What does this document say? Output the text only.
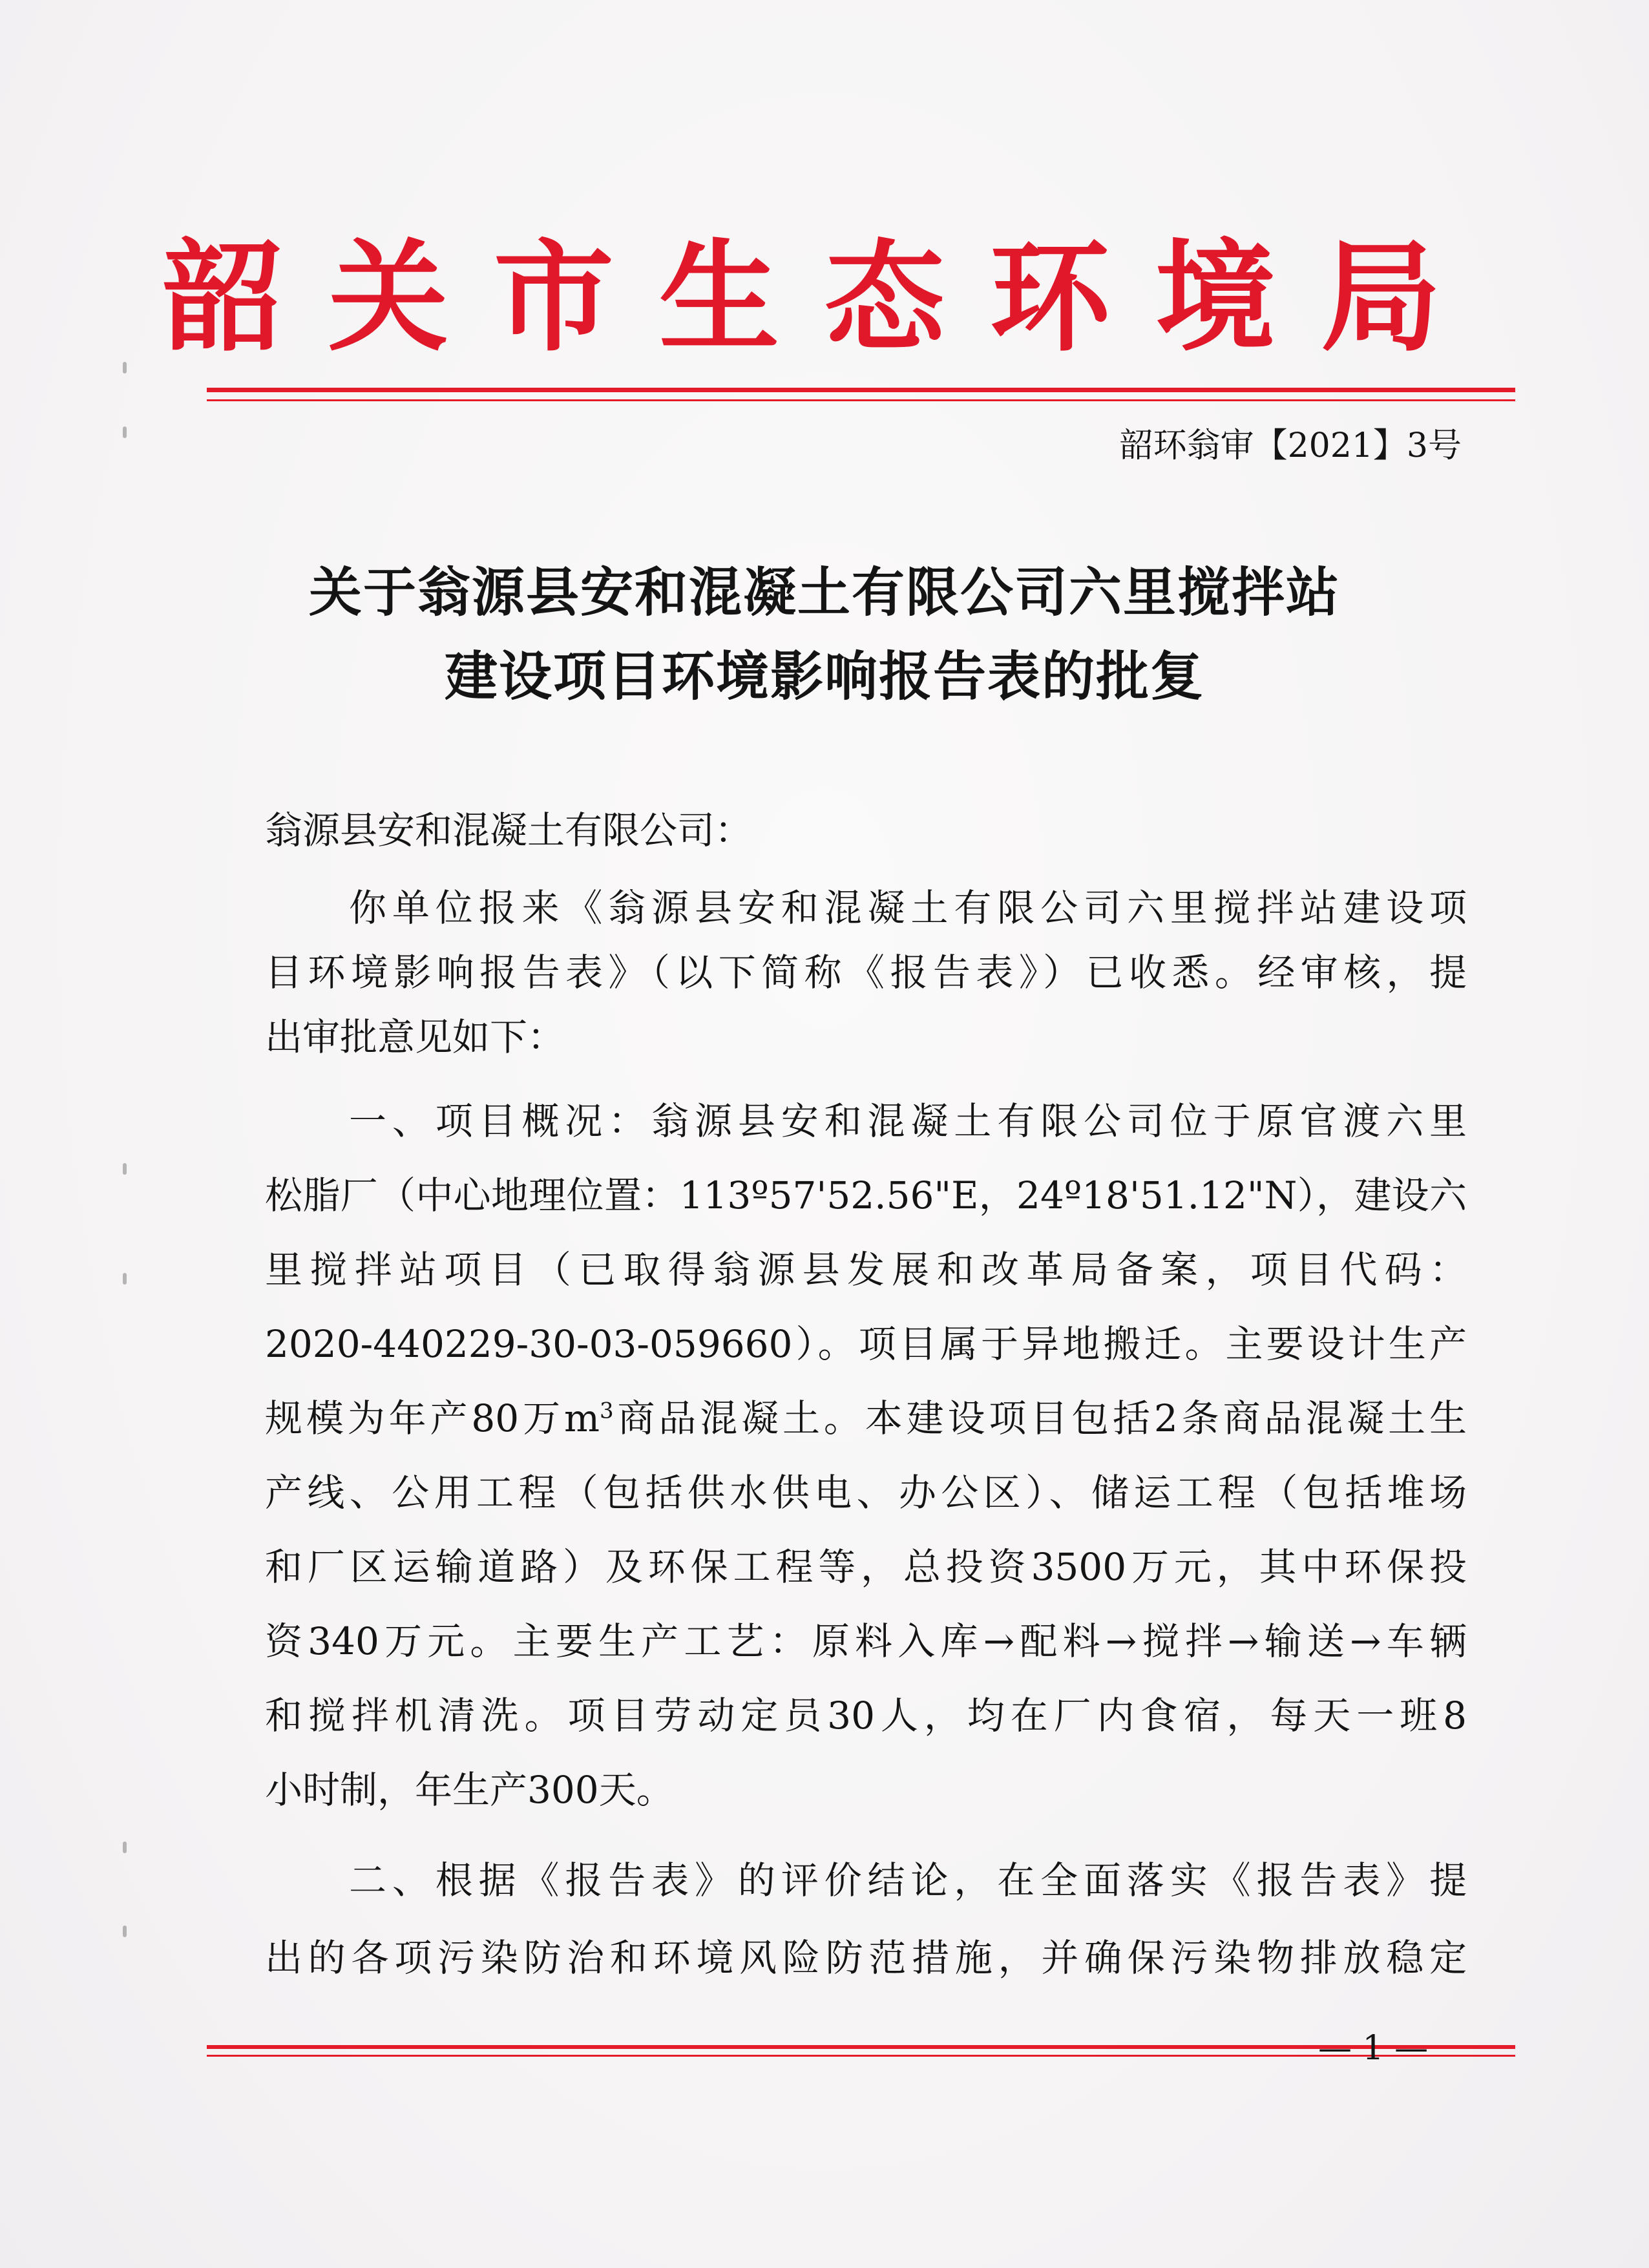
韶关市生态环境局
韶环翁审【2021】3号
关于翁源县安和混凝土有限公司六里搅拌站
建设项目环境影响报告表的批复
翁源县安和混凝土有限公司：
你单位报来《翁源县安和混凝土有限公司六里搅拌站建设项
目环境影响报告表》（以下简称《报告表》）已收悉。经审核，提
出审批意见如下：
一、项目概况：翁源县安和混凝土有限公司位于原官渡六里
松脂厂（中心地理位置：113º57'52.56"E，24º18'51.12"N），建设六
里搅拌站项目（已取得翁源县发展和改革局备案，项目代码：
2020-440229-30-03-059660）。项目属于异地搬迁。主要设计生产
规模为年产80万$m^3$商品混凝土。本建设项目包括2条商品混凝土生
产线、公用工程（包括供水供电、办公区）、储运工程（包括堆场
和厂区运输道路）及环保工程等，总投资3500万元，其中环保投
资340万元。主要生产工艺：原料入库→配料→搅拌→输送→车辆
和搅拌机清洗。项目劳动定员30人，均在厂内食宿，每天一班8
小时制，年生产300天。
二、根据《报告表》的评价结论，在全面落实《报告表》提
出的各项污染防治和环境风险防范措施，并确保污染物排放稳定
— 1 —
